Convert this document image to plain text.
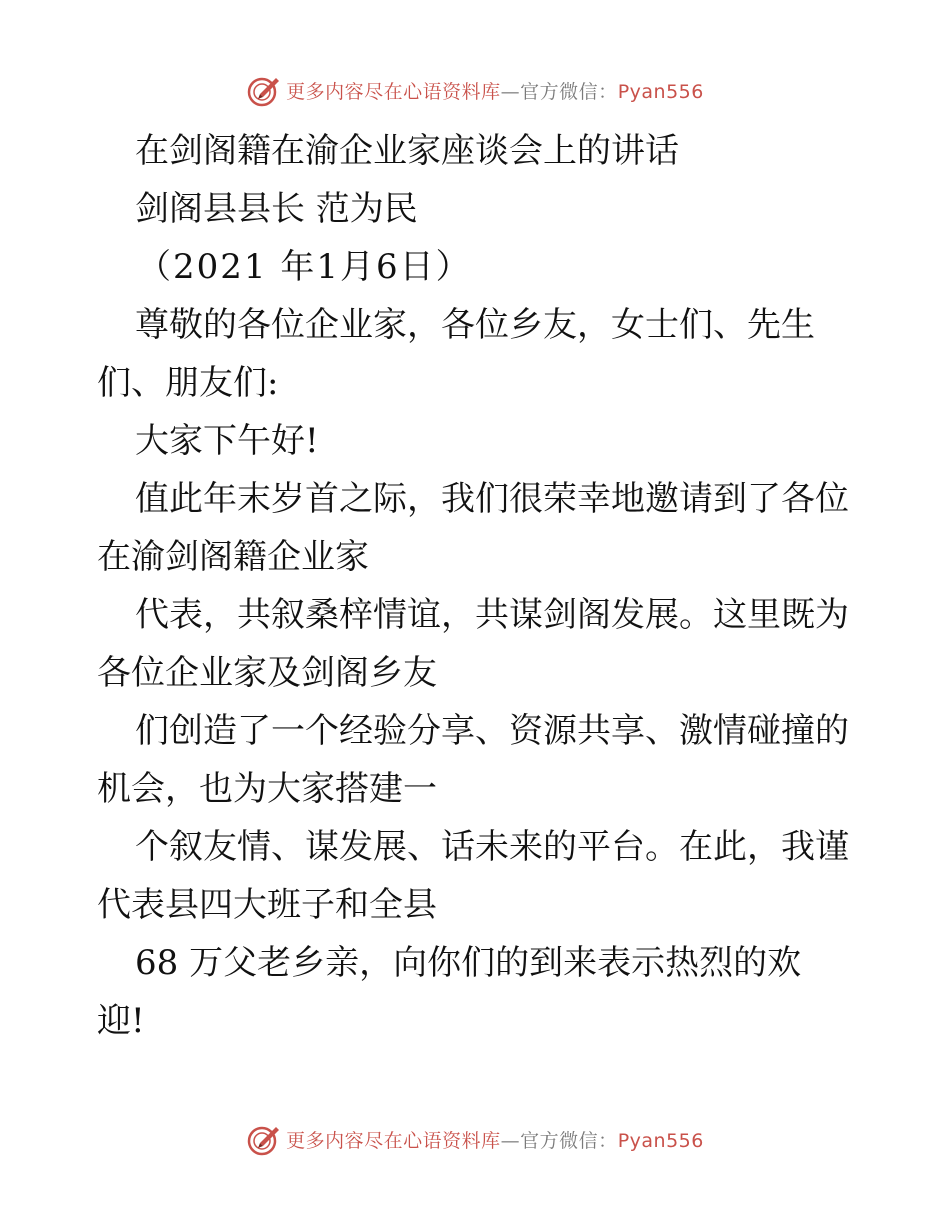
更多内容尽在心语资料库—官方微信：Pyan556

在剑阁籍在渝企业家座谈会上的讲话

剑阁县县长 范为民

（2021 年1月6日）

尊敬的各位企业家，各位乡友，女士们、先生

们、朋友们:

大家下午好!

值此年末岁首之际，我们很荣幸地邀请到了各位

在渝剑阁籍企业家

代表，共叙桑梓情谊，共谋剑阁发展。这里既为

各位企业家及剑阁乡友

们创造了一个经验分享、资源共享、激情碰撞的

机会，也为大家搭建一

个叙友情、谋发展、话未来的平台。在此，我谨

代表县四大班子和全县

68 万父老乡亲，向你们的到来表示热烈的欢

迎!

更多内容尽在心语资料库—官方微信：Pyan556
